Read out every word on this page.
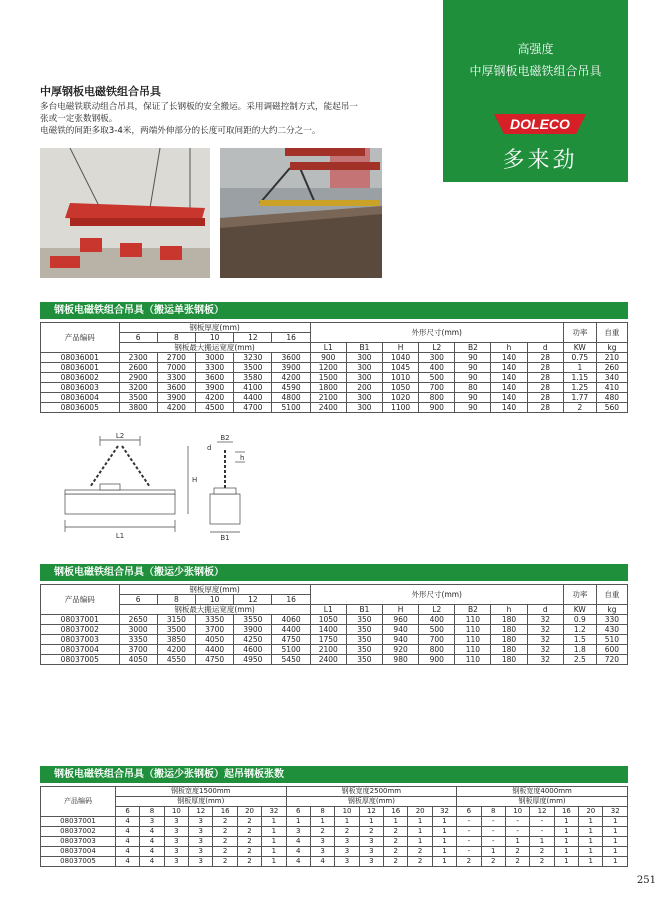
高强度
中厚钢板电磁铁组合吊具
DOLECO
多来劲
中厚钢板电磁铁组合吊具
多台电磁铁联动组合吊具，保证了长钢板的安全搬运。采用调磁控制方式，能起吊一
张或一定张数钢板。
电磁铁的间距多取3-4米，两端外伸部分的长度可取间距的大约二分之一。
钢板电磁铁组合吊具（搬运单张钢板）
产品编码	钢板厚度(mm)					外形尺寸(mm)							功率	自重
	6	8	10	12	16									
	钢板最大搬运宽度(mm)					L1	B1	H	L2	B2	h	d	KW	kg
08036001	2300	2700	3000	3230	3600	900	300	1040	300	90	140	28	0.75	210
08036001	2600	7000	3300	3500	3900	1200	300	1045	400	90	140	28	1	260
08036002	2900	3300	3600	3580	4200	1500	300	1010	500	90	140	28	1.15	340
08036003	3200	3600	3900	4100	4590	1800	200	1050	700	80	140	28	1.25	410
08036004	3500	3900	4200	4400	4800	2100	300	1020	800	90	140	28	1.77	480
08036005	3800	4200	4500	4700	5100	2400	300	1100	900	90	140	28	2	560
L2
L1
H
B2
d
h
B1
钢板电磁铁组合吊具（搬运少张钢板）
产品编码	钢板厚度(mm)					外形尺寸(mm)							功率	自重
	6	8	10	12	16									
	钢板最大搬运宽度(mm)					L1	B1	H	L2	B2	h	d	KW	kg
08037001	2650	3150	3350	3550	4060	1050	350	960	400	110	180	32	0.9	330
08037002	3000	3500	3700	3900	4400	1400	350	940	500	110	180	32	1.2	430
08037003	3350	3850	4050	4250	4750	1750	350	940	700	110	180	32	1.5	510
08037004	3700	4200	4400	4600	5100	2100	350	920	800	110	180	32	1.8	600
08037005	4050	4550	4750	4950	5450	2400	350	980	900	110	180	32	2.5	720
钢板电磁铁组合吊具（搬运少张钢板）起吊钢板张数
产品编码	钢板宽度1500mm							钢板宽度2500mm							钢板宽度4000mm						
	钢板厚度(mm)							钢板厚度(mm)							钢板厚度(mm)						
	6	8	10	12	16	20	32	6	8	10	12	16	20	32	6	8	10	12	16	20	32
08037001	4	3	3	3	2	2	1	1	1	1	1	1	1	1	-	-	-	-	1	1	1
08037002	4	4	3	3	2	2	1	3	2	2	2	2	1	1	-	-	-	-	1	1	1
08037003	4	4	3	3	2	2	1	4	3	3	3	2	1	1	-	-	1	1	1	1	1
08037004	4	4	3	3	2	2	1	4	3	3	3	2	2	1	-	1	2	2	1	1	1
08037005	4	4	3	3	2	2	1	4	4	3	3	2	2	1	2	2	2	2	1	1	1
251
